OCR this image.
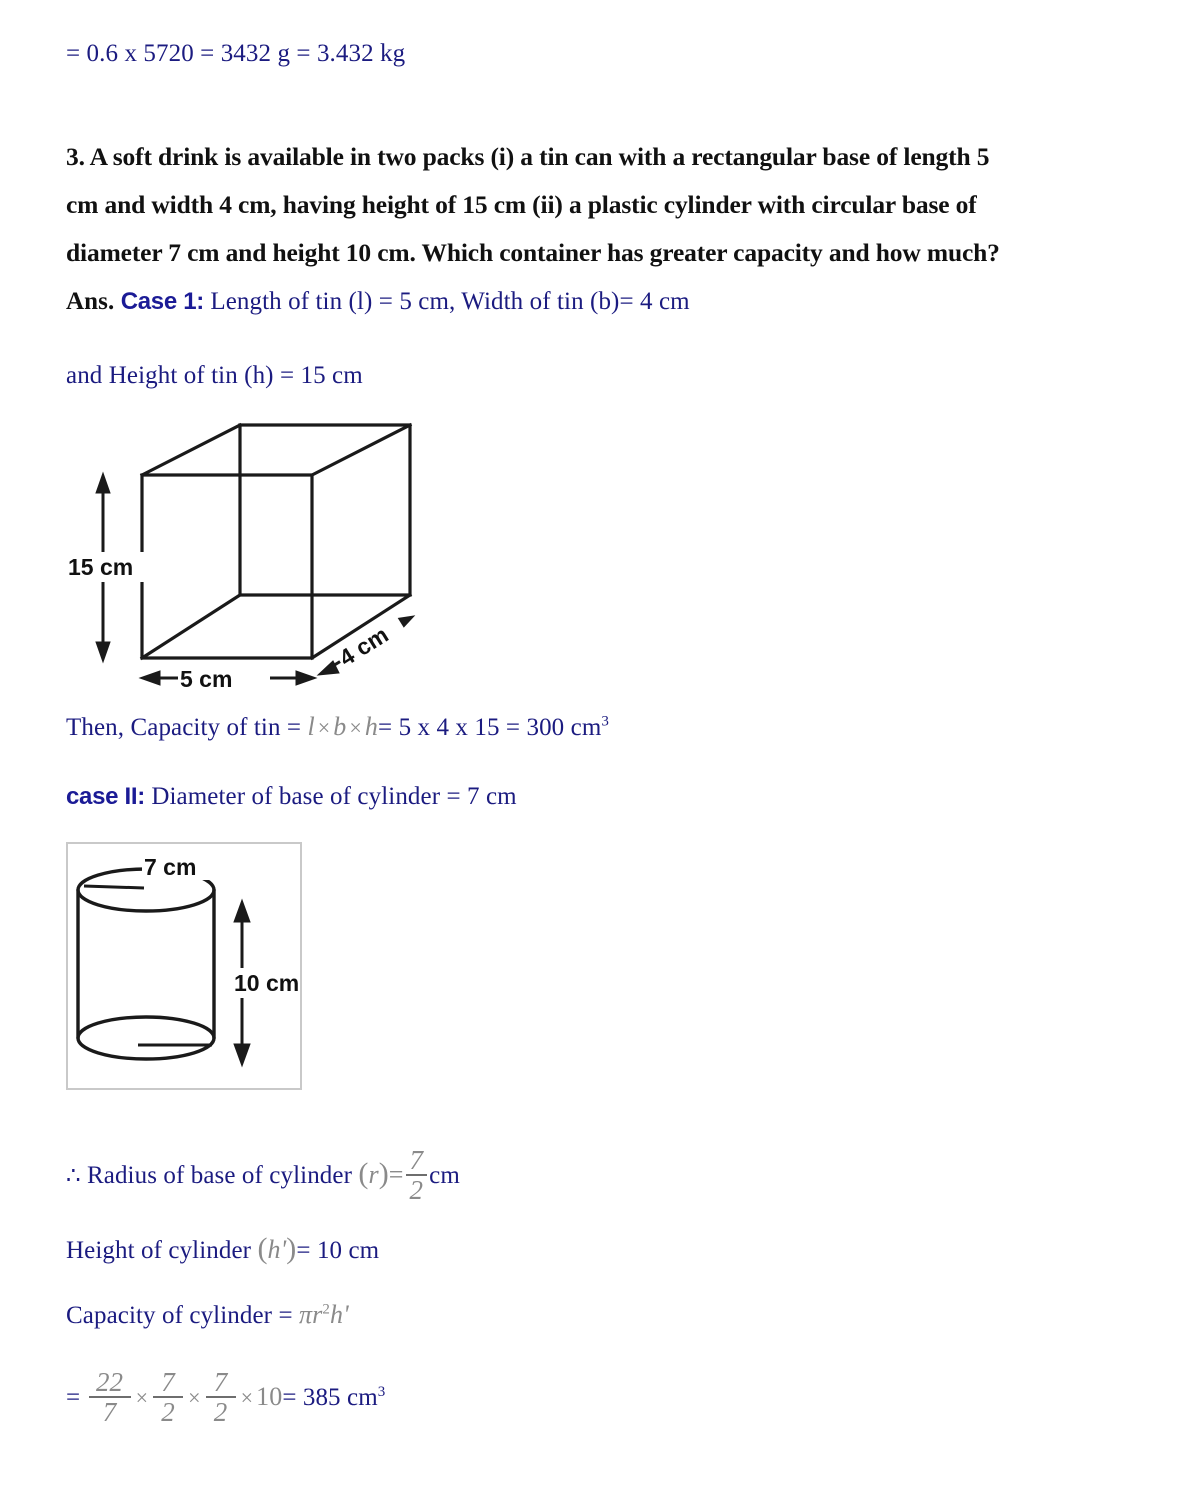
= 0.6 x 5720 = 3432 g = 3.432 kg
3. A soft drink is available in two packs (i) a tin can with a rectangular base of length 5
cm and width 4 cm, having height of 15 cm (ii) a plastic cylinder with circular base of
diameter 7 cm and height 10 cm. Which container has greater capacity and how much?
Ans. Case 1: Length of tin (l) = 5 cm, Width of tin (b)= 4 cm
and Height of tin (h) = 15 cm
15 cm
5 cm
4 cm
Then, Capacity of tin = l × b × h= 5 x 4 x 15 = 300 $cm^3$
case II: Diameter of base of cylinder = 7 cm
7 cm
10 cm
∴ Radius of base of cylinder $(r)= \frac{7}{2}$ cm
Height of cylinder (h')= 10 cm
Capacity of cylinder = $\pi r^2h'$
= $\frac{22}{7} \times \frac{7}{2} \times \frac{7}{2} \times 10= 385$ $cm^3$
